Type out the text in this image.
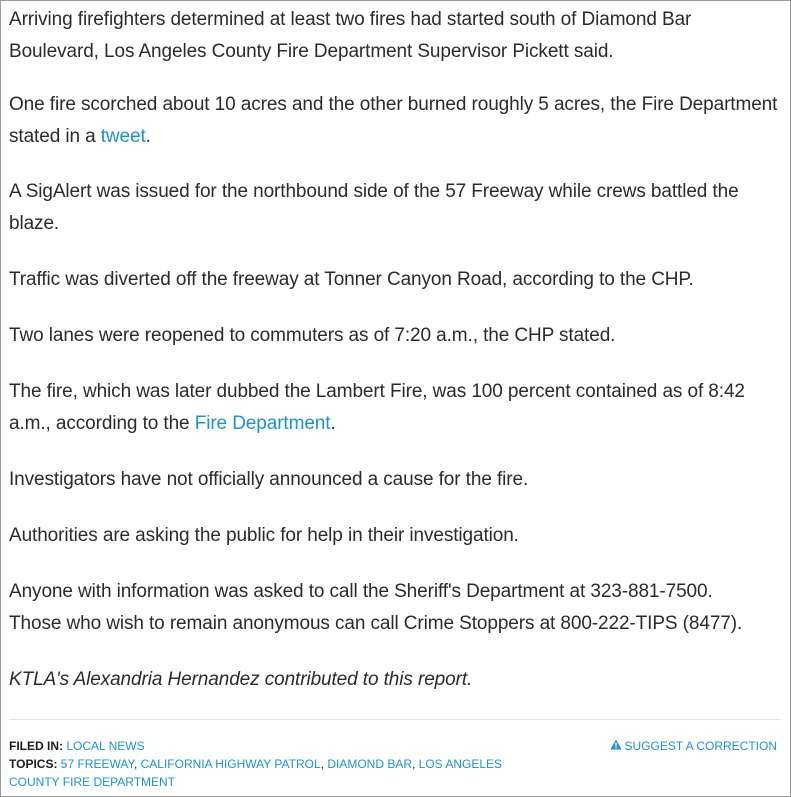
Arriving firefighters determined at least two fires had started south of Diamond Bar Boulevard, Los Angeles County Fire Department Supervisor Pickett said.

One fire scorched about 10 acres and the other burned roughly 5 acres, the Fire Department stated in a tweet.

A SigAlert was issued for the northbound side of the 57 Freeway while crews battled the blaze.

Traffic was diverted off the freeway at Tonner Canyon Road, according to the CHP.

Two lanes were reopened to commuters as of 7:20 a.m., the CHP stated.

The fire, which was later dubbed the Lambert Fire, was 100 percent contained as of 8:42 a.m., according to the Fire Department.

Investigators have not officially announced a cause for the fire.

Authorities are asking the public for help in their investigation.

Anyone with information was asked to call the Sheriff's Department at 323-881-7500.
Those who wish to remain anonymous can call Crime Stoppers at 800-222-TIPS (8477).

KTLA's Alexandria Hernandez contributed to this report.

FILED IN: LOCAL NEWS
TOPICS: 57 FREEWAY, CALIFORNIA HIGHWAY PATROL, DIAMOND BAR, LOS ANGELES COUNTY FIRE DEPARTMENT
SUGGEST A CORRECTION
